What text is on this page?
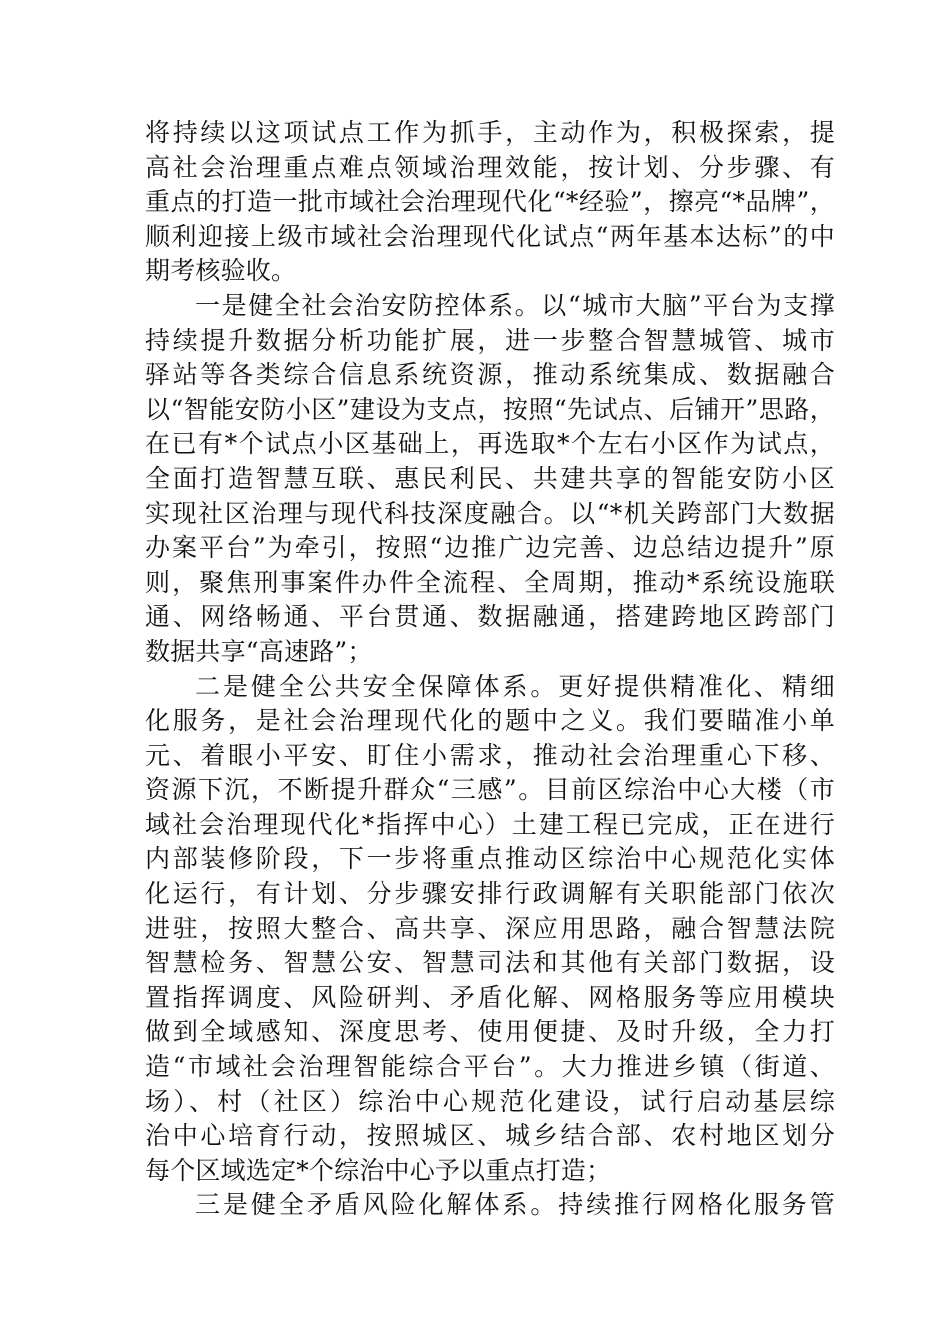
将持续以这项试点工作为抓手，主动作为，积极探索，提
高社会治理重点难点领域治理效能，按计划、分步骤、有
重点的打造一批市域社会治理现代化“*经验”，擦亮“*品牌”，
顺利迎接上级市域社会治理现代化试点“两年基本达标”的中
期考核验收。
一是健全社会治安防控体系。以“城市大脑”平台为支撑
持续提升数据分析功能扩展，进一步整合智慧城管、城市
驿站等各类综合信息系统资源，推动系统集成、数据融合
以“智能安防小区”建设为支点，按照“先试点、后铺开”思路，
在已有*个试点小区基础上，再选取*个左右小区作为试点，
全面打造智慧互联、惠民利民、共建共享的智能安防小区
实现社区治理与现代科技深度融合。以“*机关跨部门大数据
办案平台”为牵引，按照“边推广边完善、边总结边提升”原
则，聚焦刑事案件办件全流程、全周期，推动*系统设施联
通、网络畅通、平台贯通、数据融通，搭建跨地区跨部门
数据共享“高速路”；
二是健全公共安全保障体系。更好提供精准化、精细
化服务，是社会治理现代化的题中之义。我们要瞄准小单
元、着眼小平安、盯住小需求，推动社会治理重心下移、
资源下沉，不断提升群众“三感”。目前区综治中心大楼（市
域社会治理现代化*指挥中心）土建工程已完成，正在进行
内部装修阶段，下一步将重点推动区综治中心规范化实体
化运行，有计划、分步骤安排行政调解有关职能部门依次
进驻，按照大整合、高共享、深应用思路，融合智慧法院
智慧检务、智慧公安、智慧司法和其他有关部门数据，设
置指挥调度、风险研判、矛盾化解、网格服务等应用模块
做到全域感知、深度思考、使用便捷、及时升级，全力打
造“市域社会治理智能综合平台”。大力推进乡镇（街道、
场）、村（社区）综治中心规范化建设，试行启动基层综
治中心培育行动，按照城区、城乡结合部、农村地区划分
每个区域选定*个综治中心予以重点打造；
三是健全矛盾风险化解体系。持续推行网格化服务管
